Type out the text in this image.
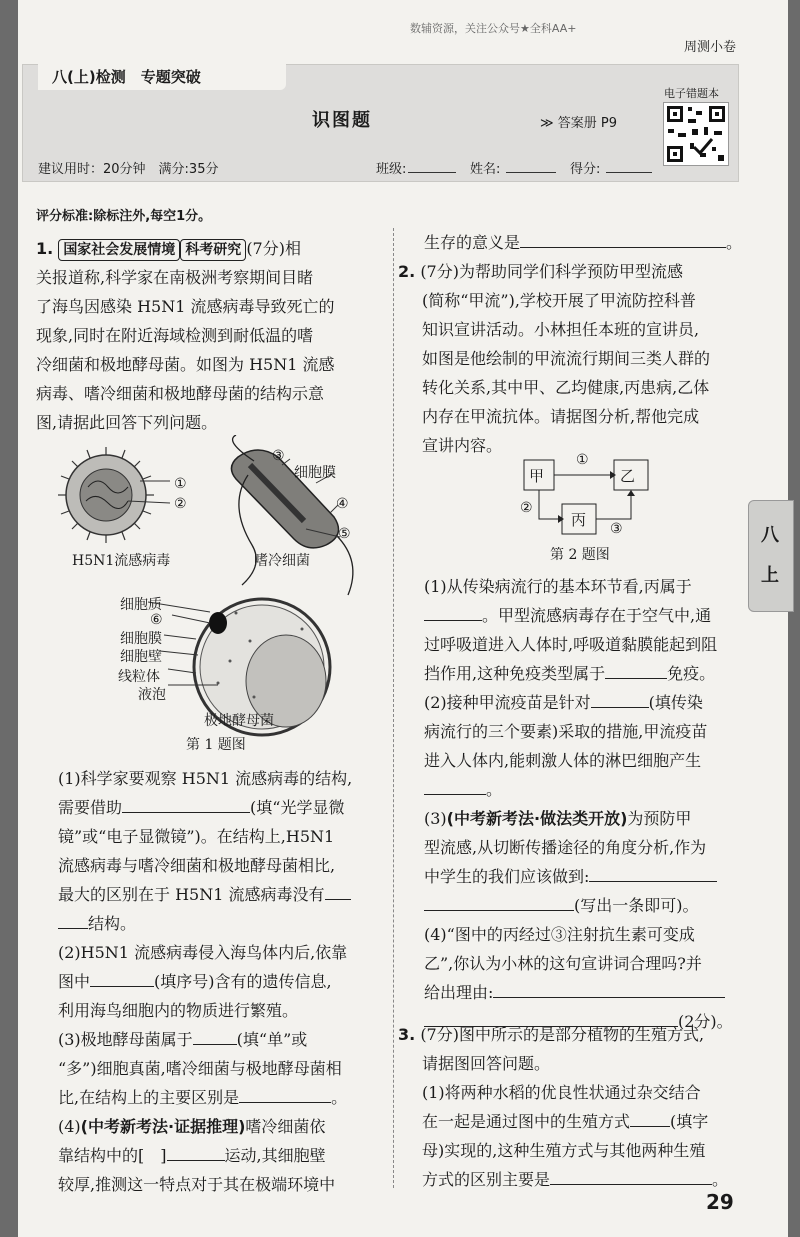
数辅资源，关注公众号★全科AA+
周测小卷
八(上)检测　专题突破
识图题	≫ 答案册 P9
电子错题本
建议用时：20分钟　满分:35分	班级:	姓名:	得分:
评分标准:除标注外,每空1分。

1. 国家社会发展情境 科考研究 (7分)相

关报道称,科学家在南极洲考察期间目睹

了海鸟因感染 H5N1 流感病毒导致死亡的

现象,同时在附近海域检测到耐低温的嗜

冷细菌和极地酵母菌。如图为 H5N1 流感

病毒、嗜冷细菌和极地酵母菌的结构示意

图,请据此回答下列问题。

①
②
③
细胞膜
④
⑤
H5N1流感病毒	嗜冷细菌
细胞质
⑥
细胞膜
细胞壁
线粒体
液泡
极地酵母菌
第 1 题图

(1)科学家要观察 H5N1 流感病毒的结构,

需要借助	(填“光学显微

镜”或“电子显微镜”)。在结构上,H5N1

流感病毒与嗜冷细菌和极地酵母菌相比,

最大的区别在于 H5N1 流感病毒没有

结构。

(2)H5N1 流感病毒侵入海鸟体内后,依靠

图中	(填序号)含有的遗传信息,

利用海鸟细胞内的物质进行繁殖。

(3)极地酵母菌属于	(填“单”或

“多”)细胞真菌,嗜冷细菌与极地酵母菌相

比,在结构上的主要区别是	。

(4)(中考新考法·证据推理)嗜冷细菌依

靠结构中的[　]	运动,其细胞壁

较厚,推测这一特点对于其在极端环境中

生存的意义是	。

2. (7分)为帮助同学们科学预防甲型流感

(简称“甲流”),学校开展了甲流防控科普

知识宣讲活动。小林担任本班的宣讲员,

如图是他绘制的甲流流行期间三类人群的

转化关系,其中甲、乙均健康,丙患病,乙体

内存在甲流抗体。请据图分析,帮他完成

宣讲内容。

甲	乙
丙
①
②
③
第 2 题图

(1)从传染病流行的基本环节看,丙属于

。甲型流感病毒存在于空气中,通

过呼吸道进入人体时,呼吸道黏膜能起到阻

挡作用,这种免疫类型属于	免疫。

(2)接种甲流疫苗是针对	(填传染

病流行的三个要素)采取的措施,甲流疫苗

进入人体内,能刺激人体的淋巴细胞产生

。

(3)(中考新考法·做法类开放)为预防甲

型流感,从切断传播途径的角度分析,作为

中学生的我们应该做到:

(写出一条即可)。

(4)“图中的丙经过③注射抗生素可变成

乙”,你认为小林的这句宣讲词合理吗?并

给出理由:

(2分)。

3. (7分)图中所示的是部分植物的生殖方式,

请据图回答问题。

(1)将两种水稻的优良性状通过杂交结合

在一起是通过图中的生殖方式	(填字

母)实现的,这种生殖方式与其他两种生殖

方式的区别主要是	。

八
上
29
